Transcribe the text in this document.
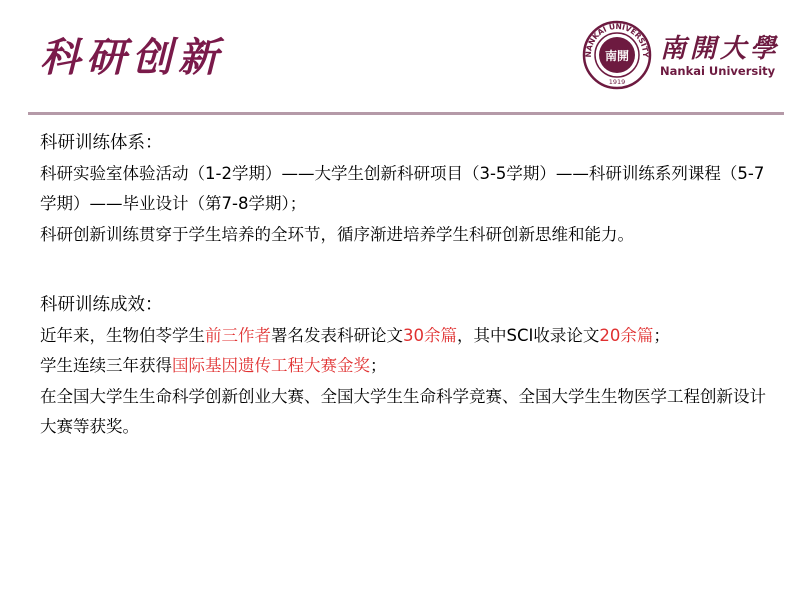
科研创新	NANKAI UNIVERSITY
南開
1919
南開大學
Nankai University

科研训练体系：

科研实验室体验活动（1-2学期）——大学生创新科研项目（3-5学期）——科研训练系列课程（5-7学期）——毕业设计（第7-8学期）；

科研创新训练贯穿于学生培养的全环节，循序渐进培养学生科研创新思维和能力。

科研训练成效：

近年来，生物伯苓学生前三作者署名发表科研论文30余篇，其中SCI收录论文20余篇；

学生连续三年获得国际基因遗传工程大赛金奖；

在全国大学生生命科学创新创业大赛、全国大学生生命科学竞赛、全国大学生生物医学工程创新设计大赛等获奖。
